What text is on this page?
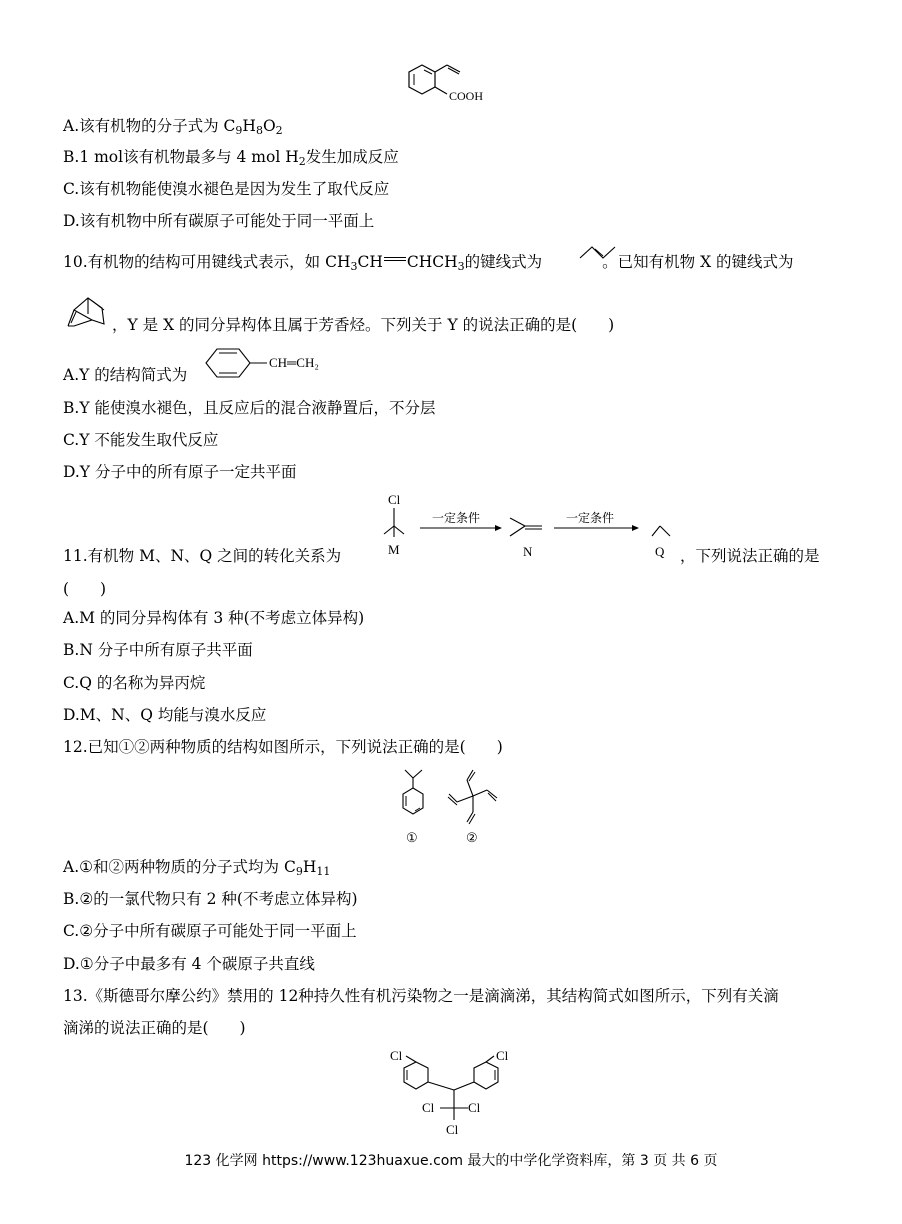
COOH
A.该有机物的分子式为 $C_9H_8O_2$
B.1 mol该有机物最多与 4 mol $H_2$发生加成反应
C.该有机物能使溴水褪色是因为发生了取代反应
D.该有机物中所有碳原子可能处于同一平面上
10.有机物的结构可用键线式表示，如 $CH_3CH$ $CHCH_3$的键线式为	。已知有机物 X 的键线式为
，Y 是 X 的同分异构体且属于芳香烃。下列关于 Y 的说法正确的是(　　)
A.Y 的结构简式为
CH═CH₂
B.Y 能使溴水褪色，且反应后的混合液静置后，不分层
C.Y 不能发生取代反应
D.Y 分子中的所有原子一定共平面
Cl
M
一定条件
N
一定条件
Q
11.有机物 M、N、Q 之间的转化关系为	，下列说法正确的是
(　　)
A.M 的同分异构体有 3 种(不考虑立体异构)
B.N 分子中所有原子共平面
C.Q 的名称为异丙烷
D.M、N、Q 均能与溴水反应
12.已知①②两种物质的结构如图所示，下列说法正确的是(　　)
①	②
A.①和②两种物质的分子式均为 $C_9H_{11}$
B.②的一氯代物只有 2 种(不考虑立体异构)
C.②分子中所有碳原子可能处于同一平面上
D.①分子中最多有 4 个碳原子共直线
13.《斯德哥尔摩公约》禁用的 12种持久性有机污染物之一是滴滴涕，其结构简式如图所示，下列有关滴
滴涕的说法正确的是(　　)
Cl	Cl
Cl	Cl
Cl
123 化学网 https://www.123huaxue.com 最大的中学化学资料库，第 3 页 共 6 页
